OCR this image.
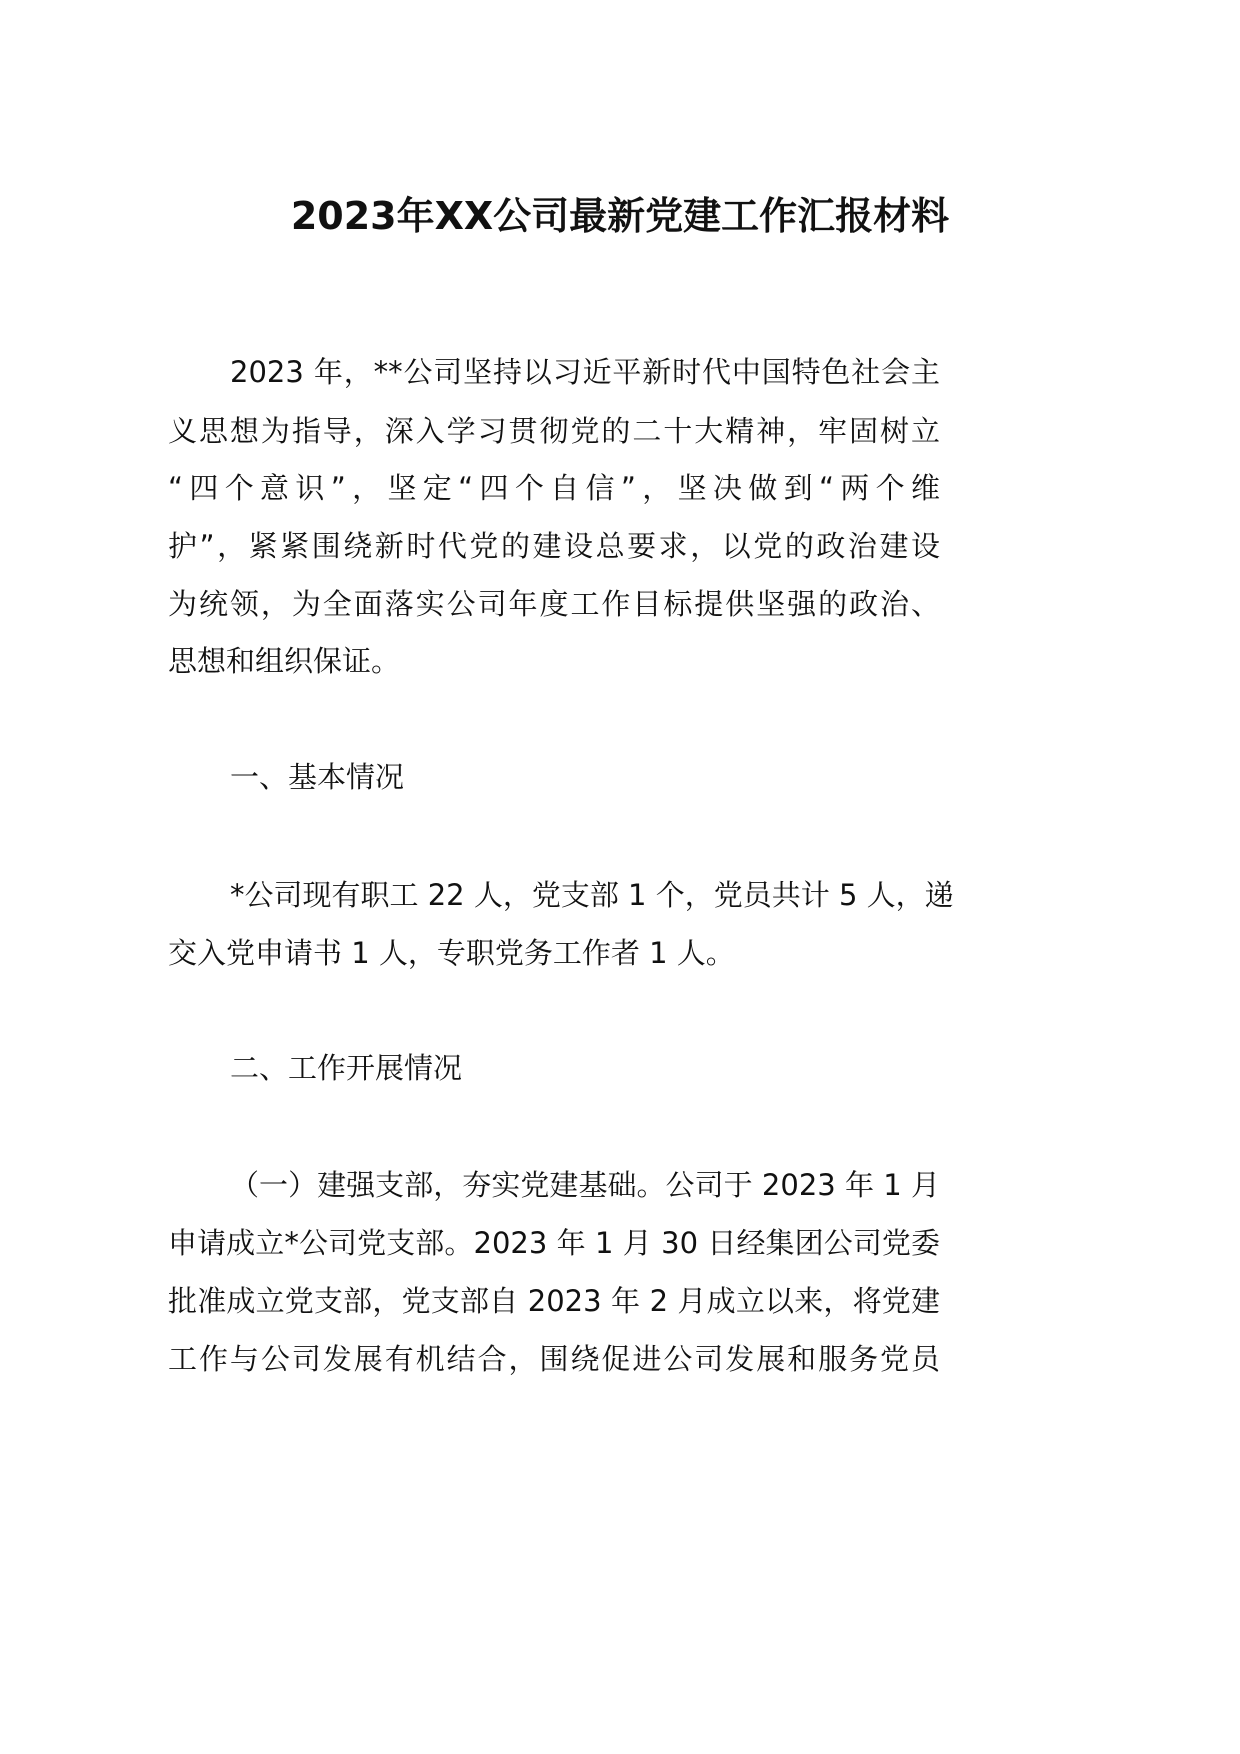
2023年XX公司最新党建工作汇报材料
2023 年，**公司坚持以习近平新时代中国特色社会主
义思想为指导，深入学习贯彻党的二十大精神，牢固树立
“四个意识”，坚定“四个自信”，坚决做到“两个维
护”，紧紧围绕新时代党的建设总要求，以党的政治建设
为统领，为全面落实公司年度工作目标提供坚强的政治、
思想和组织保证。
一、基本情况
*公司现有职工 22 人，党支部 1 个，党员共计 5 人，递
交入党申请书 1 人，专职党务工作者 1 人。
二、工作开展情况
（一）建强支部，夯实党建基础。公司于 2023 年 1 月
申请成立*公司党支部。2023 年 1 月 30 日经集团公司党委
批准成立党支部，党支部自 2023 年 2 月成立以来，将党建
工作与公司发展有机结合，围绕促进公司发展和服务党员
